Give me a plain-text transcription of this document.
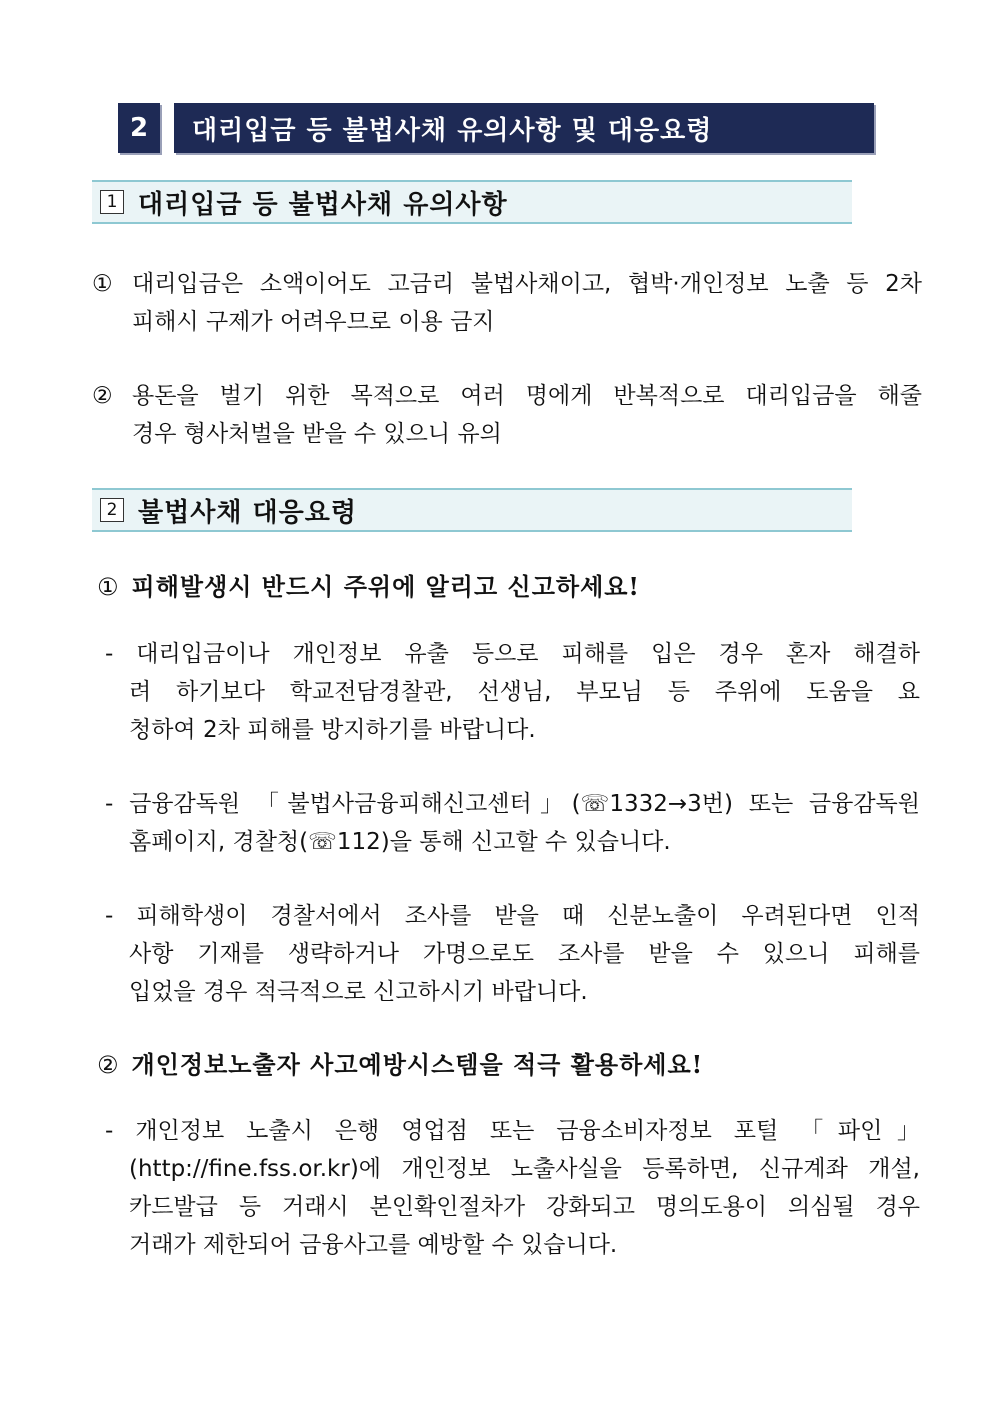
2	대리입금 등 불법사채 유의사항 및 대응요령
1 대리입금 등 불법사채 유의사항
① 대리입금은 소액이어도 고금리 불법사채이고, 협박·개인정보 노출 등 2차
피해시 구제가 어려우므로 이용 금지
② 용돈을 벌기 위한 목적으로 여러 명에게 반복적으로 대리입금을 해줄
경우 형사처벌을 받을 수 있으니 유의
2 불법사채 대응요령
① 피해발생시 반드시 주위에 알리고 신고하세요!
- 대리입금이나 개인정보 유출 등으로 피해를 입은 경우 혼자 해결하
려 하기보다 학교전담경찰관, 선생님, 부모님 등 주위에 도움을 요
청하여 2차 피해를 방지하기를 바랍니다.
- 금융감독원 「불법사금융피해신고센터」(☏1332→3번) 또는 금융감독원
홈페이지, 경찰청(☏112)을 통해 신고할 수 있습니다.
- 피해학생이 경찰서에서 조사를 받을 때 신분노출이 우려된다면 인적
사항 기재를 생략하거나 가명으로도 조사를 받을 수 있으니 피해를
입었을 경우 적극적으로 신고하시기 바랍니다.
② 개인정보노출자 사고예방시스템을 적극 활용하세요!
- 개인정보 노출시 은행 영업점 또는 금융소비자정보 포털 「파인」
(http://fine.fss.or.kr)에 개인정보 노출사실을 등록하면, 신규계좌 개설,
카드발급 등 거래시 본인확인절차가 강화되고 명의도용이 의심될 경우
거래가 제한되어 금융사고를 예방할 수 있습니다.
